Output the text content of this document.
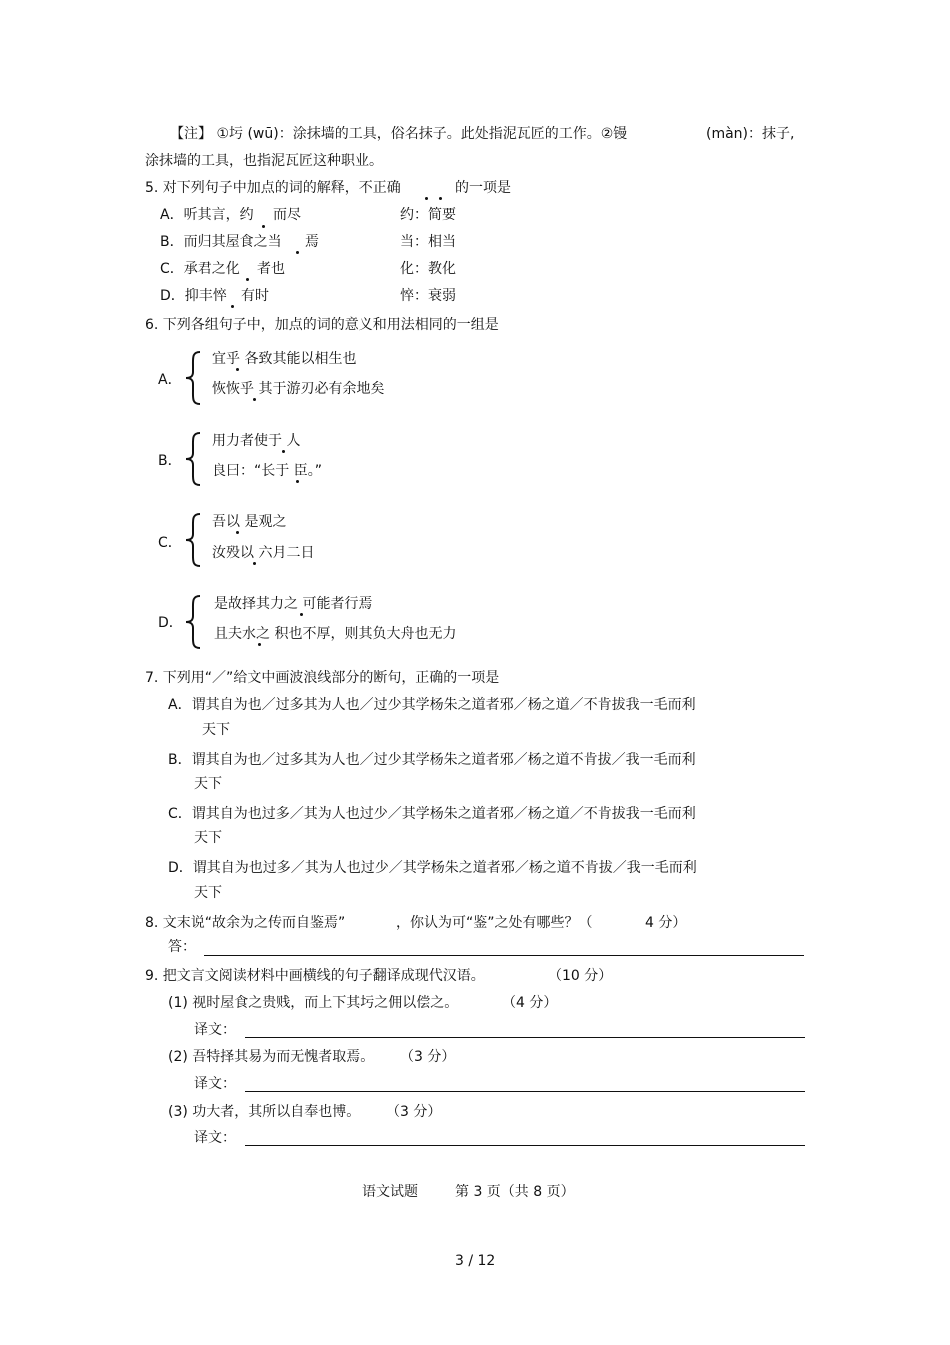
【注】 ①圬 (wū)：涂抹墙的工具，俗名抹子。此处指泥瓦匠的工作。②镘	(màn)：抹子,
涂抹墙的工具，也指泥瓦匠这种职业。
5. 对下列句子中加点的词的解释，不正确	的一项是
A．听其言，约 而尽	约：简要
B．而归其屋食之当 焉	当：相当
C．承君之化 者也	化：教化
D．抑丰悴 有时	悴：衰弱
6. 下列各组句子中，加点的词的意义和用法相同的一组是
A．
宜乎 各致其能以相生也
恢恢乎 其于游刃必有余地矣
B．
用力者使于 人
良曰：“长于 臣。”
C．
吾以 是观之
汝殁以 六月二日
D．
是故择其力之 可能者行焉
且夫水之 积也不厚，则其负大舟也无力
7. 下列用“／”给文中画波浪线部分的断句，正确的一项是
A．谓其自为也／过多其为人也／过少其学杨朱之道者邪／杨之道／不肯拔我一毛而利
天下
B．谓其自为也／过多其为人也／过少其学杨朱之道者邪／杨之道不肯拔／我一毛而利
天下
C．谓其自为也过多／其为人也过少／其学杨朱之道者邪／杨之道／不肯拔我一毛而利
天下
D．谓其自为也过多／其为人也过少／其学杨朱之道者邪／杨之道不肯拔／我一毛而利
天下
8. 文末说“故余为之传而自鉴焉”	，你认为可“鉴”之处有哪些？（	4 分）
答：
9. 把文言文阅读材料中画横线的句子翻译成现代汉语。	（10 分）
(1) 视时屋食之贵贱，而上下其圬之佣以偿之。	（4 分）
译文：
(2) 吾特择其易为而无愧者取焉。 （3 分）
译文：
(3) 功大者，其所以自奉也博。 （3 分）
译文：
语文试题	第 3 页（共 8 页）
3 / 12
